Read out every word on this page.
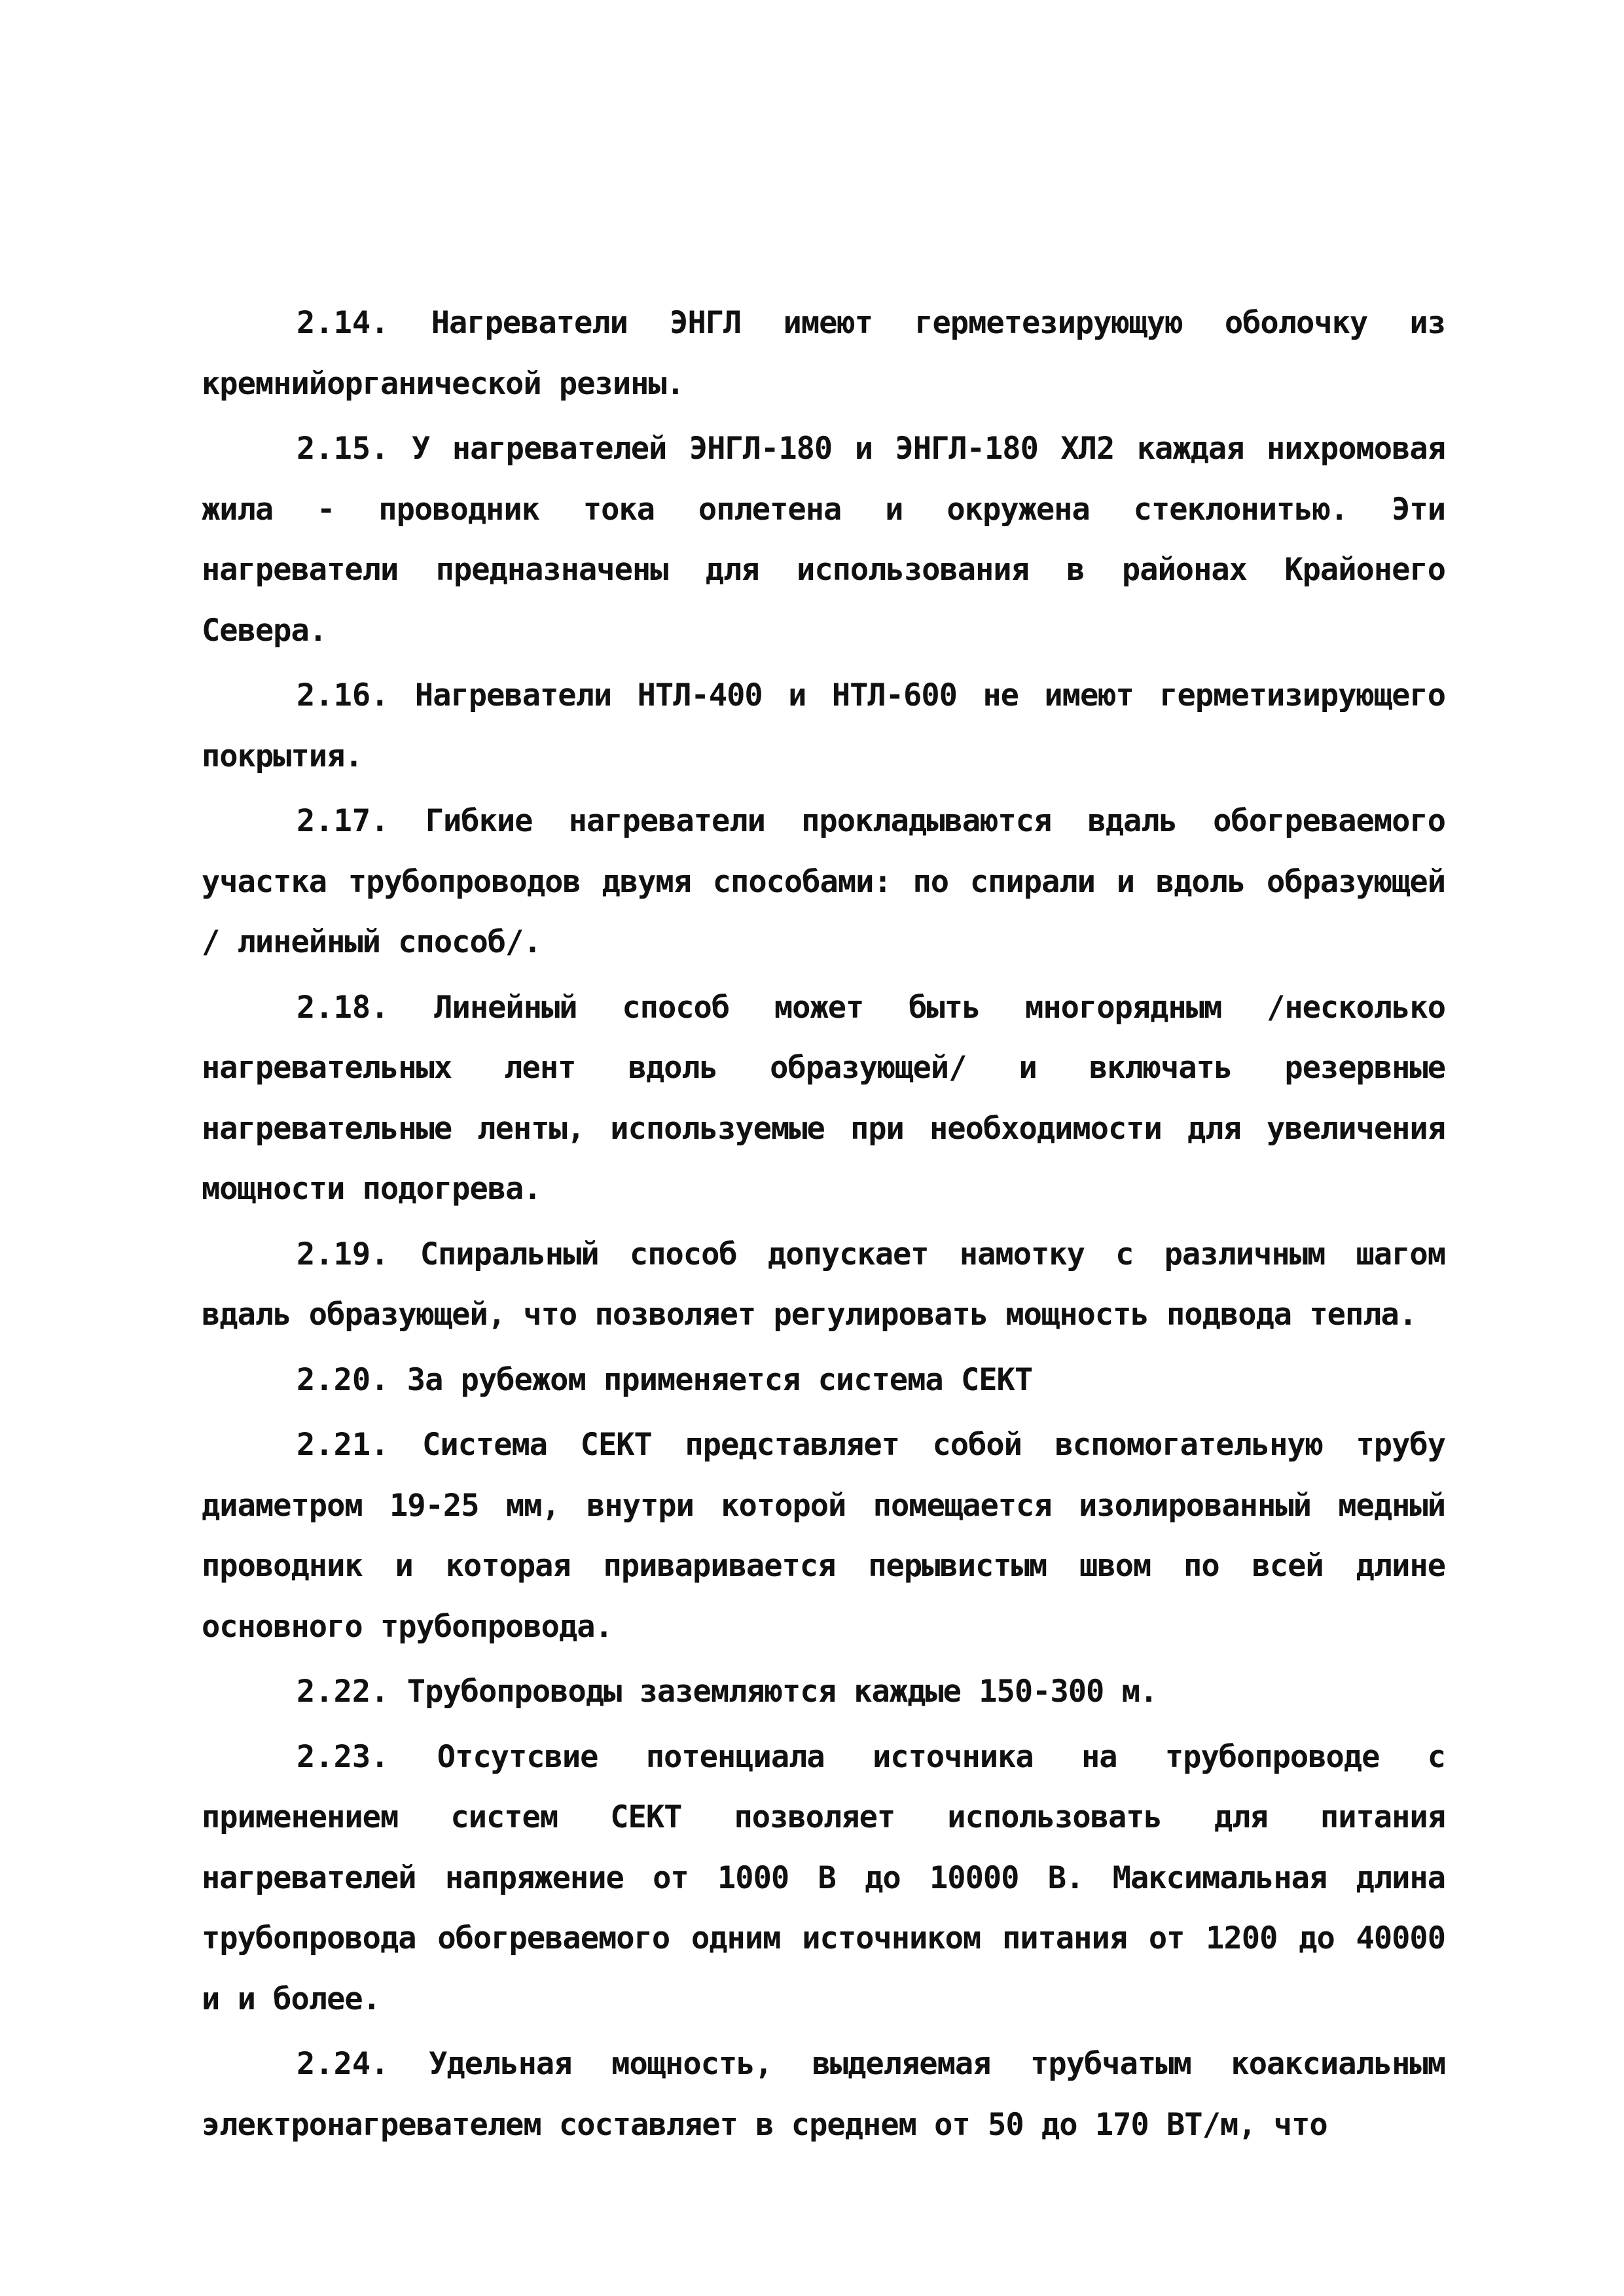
2.14. Нагреватели ЭНГЛ имеют герметезирующую оболочку из кремнийорганической резины.

2.15. У нагревателей ЭНГЛ-180 и ЭНГЛ-180 ХЛ2 каждая нихромовая жила - проводник тока оплетена и окружена стеклонитью. Эти нагреватели предназначены для использования в районах Крайонего Севера.

2.16. Нагреватели НТЛ-400 и НТЛ-600 не имеют герметизирующего покрытия.

2.17. Гибкие нагреватели прокладываются вдаль обогреваемого участка трубопроводов двумя способами: по спирали и вдоль образующей / линейный способ/.

2.18. Линейный способ может быть многорядным /несколько нагревательных лент вдоль образующей/ и включать резервные нагревательные ленты, используемые при необходимости для увеличения мощности подогрева.

2.19. Спиральный способ допускает намотку с различным шагом вдаль образующей, что позволяет регулировать мощность подвода тепла.

2.20. За рубежом применяется система СЕКТ

2.21. Система СЕКТ представляет собой вспомогательную трубу диаметром 19-25 мм, внутри которой помещается изолированный медный проводник и которая приваривается перывистым швом по всей длине основного трубопровода.

2.22. Трубопроводы заземляются каждые 150-300 м.

2.23. Отсутсвие потенциала источника на трубопроводе с применением систем СЕКТ позволяет использовать для питания нагревателей напряжение от 1000 В до 10000 В. Максимальная длина трубопровода обогреваемого одним источником питания от 1200 до 40000 и и более.

2.24. Удельная мощность, выделяемая трубчатым коаксиальным электронагревателем составляет в среднем от 50 до 170 ВТ/м, что
